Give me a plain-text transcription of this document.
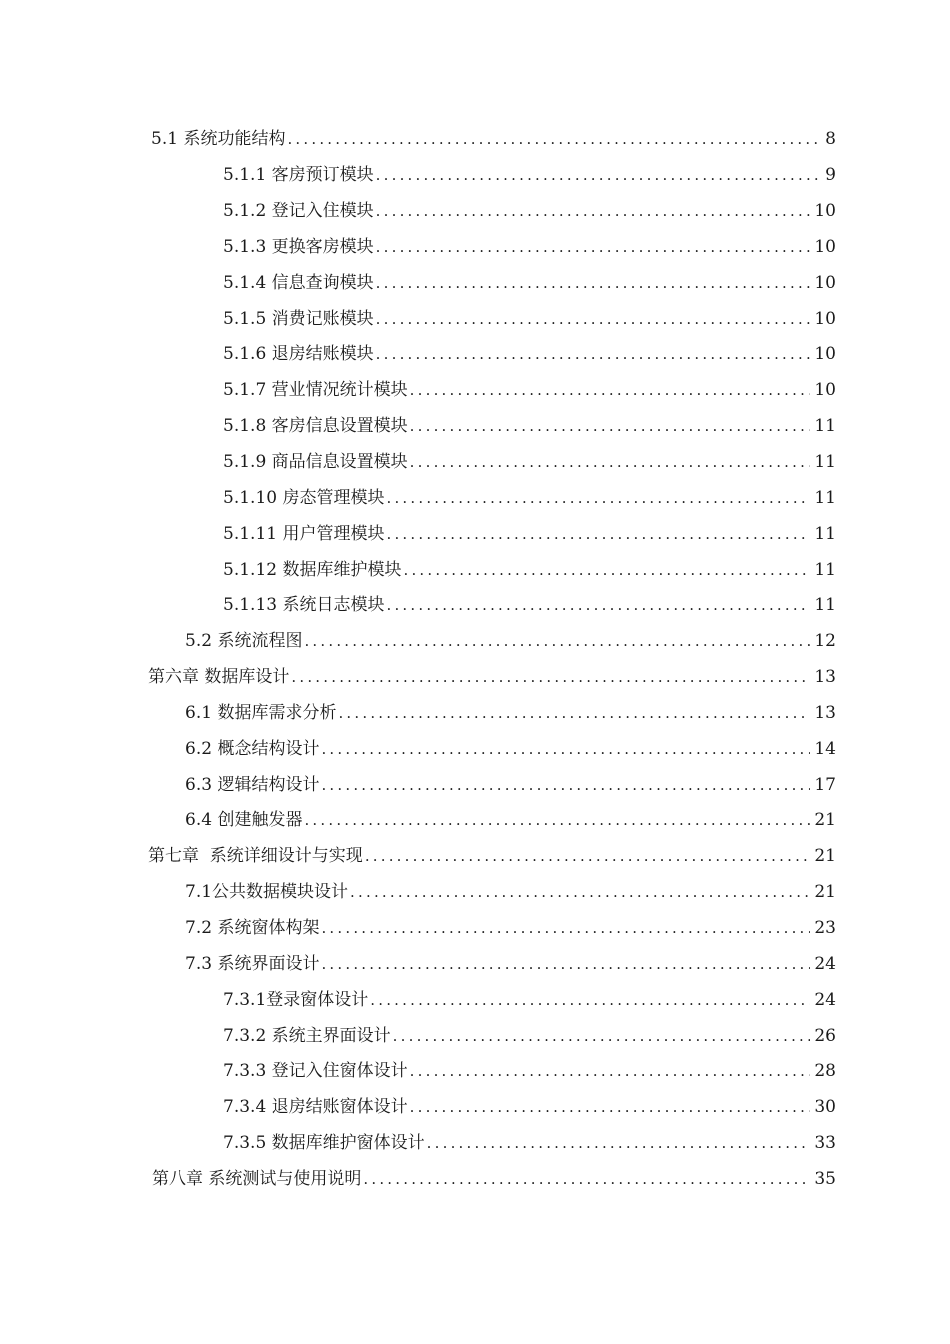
5.1 系统功能结构 .....	8
5.1.1 客房预订模块 .....	9
5.1.2 登记入住模块 .....	10
5.1.3 更换客房模块 .....	10
5.1.4 信息查询模块 .....	10
5.1.5 消费记账模块 .....	10
5.1.6 退房结账模块 .....	10
5.1.7 营业情况统计模块 .....	10
5.1.8 客房信息设置模块 .....	11
5.1.9 商品信息设置模块 .....	11
5.1.10 房态管理模块 .....	11
5.1.11 用户管理模块 .....	11
5.1.12 数据库维护模块 .....	11
5.1.13 系统日志模块 .....	11
5.2 系统流程图 .....	12
第六章 数据库设计 .....	13
6.1 数据库需求分析 .....	13
6.2 概念结构设计 .....	14
6.3 逻辑结构设计 .....	17
6.4 创建触发器 .....	21
第七章  系统详细设计与实现 .....	21
7.1公共数据模块设计 .....	21
7.2 系统窗体构架 .....	23
7.3 系统界面设计 .....	24
7.3.1登录窗体设计 .....	24
7.3.2 系统主界面设计 .....	26
7.3.3 登记入住窗体设计 .....	28
7.3.4 退房结账窗体设计 .....	30
7.3.5 数据库维护窗体设计 .....	33
第八章 系统测试与使用说明 .....	35
